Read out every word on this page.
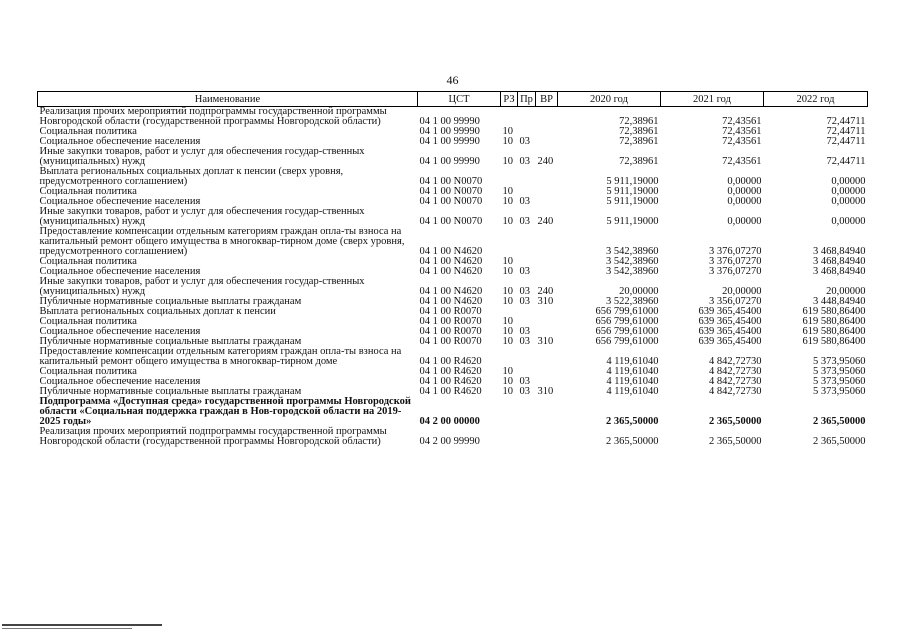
46
Наименование	ЦСТ	РЗ	Пр	ВР	2020 год	2021 год	2022 год
Реализация прочих мероприятий подпрограммы государственной программы Новгородской области (государственной программы Новгородской области)	04 1 00 99990				72,38961	72,43561	72,44711
Социальная политика	04 1 00 99990	10			72,38961	72,43561	72,44711
Социальное обеспечение населения	04 1 00 99990	10	03		72,38961	72,43561	72,44711
Иные закупки товаров, работ и услуг для обеспечения государ-ственных (муниципальных) нужд	04 1 00 99990	10	03	240	72,38961	72,43561	72,44711
Выплата региональных социальных доплат к пенсии (сверх уровня, предусмотренного соглашением)	04 1 00 N0070				5 911,19000	0,00000	0,00000
Социальная политика	04 1 00 N0070	10			5 911,19000	0,00000	0,00000
Социальное обеспечение населения	04 1 00 N0070	10	03		5 911,19000	0,00000	0,00000
Иные закупки товаров, работ и услуг для обеспечения государ-ственных (муниципальных) нужд	04 1 00 N0070	10	03	240	5 911,19000	0,00000	0,00000
Предоставление компенсации отдельным категориям граждан опла-ты взноса на капитальный ремонт общего имущества в многоквар-тирном доме (сверх уровня, предусмотренного соглашением)	04 1 00 N4620				3 542,38960	3 376,07270	3 468,84940
Социальная политика	04 1 00 N4620	10			3 542,38960	3 376,07270	3 468,84940
Социальное обеспечение населения	04 1 00 N4620	10	03		3 542,38960	3 376,07270	3 468,84940
Иные закупки товаров, работ и услуг для обеспечения государ-ственных (муниципальных) нужд	04 1 00 N4620	10	03	240	20,00000	20,00000	20,00000
Публичные нормативные социальные выплаты гражданам	04 1 00 N4620	10	03	310	3 522,38960	3 356,07270	3 448,84940
Выплата региональных социальных доплат к пенсии	04 1 00 R0070				656 799,61000	639 365,45400	619 580,86400
Социальная политика	04 1 00 R0070	10			656 799,61000	639 365,45400	619 580,86400
Социальное обеспечение населения	04 1 00 R0070	10	03		656 799,61000	639 365,45400	619 580,86400
Публичные нормативные социальные выплаты гражданам	04 1 00 R0070	10	03	310	656 799,61000	639 365,45400	619 580,86400
Предоставление компенсации отдельным категориям граждан опла-ты взноса на капитальный ремонт общего имущества в многоквар-тирном доме	04 1 00 R4620				4 119,61040	4 842,72730	5 373,95060
Социальная политика	04 1 00 R4620	10			4 119,61040	4 842,72730	5 373,95060
Социальное обеспечение населения	04 1 00 R4620	10	03		4 119,61040	4 842,72730	5 373,95060
Публичные нормативные социальные выплаты гражданам	04 1 00 R4620	10	03	310	4 119,61040	4 842,72730	5 373,95060
Подпрограмма «Доступная среда» государственной программы Новгородской области «Социальная поддержка граждан в Нов-городской области на 2019-2025 годы»	04 2 00 00000				2 365,50000	2 365,50000	2 365,50000
Реализация прочих мероприятий подпрограммы государственной программы Новгородской области (государственной программы Новгородской области)	04 2 00 99990				2 365,50000	2 365,50000	2 365,50000
